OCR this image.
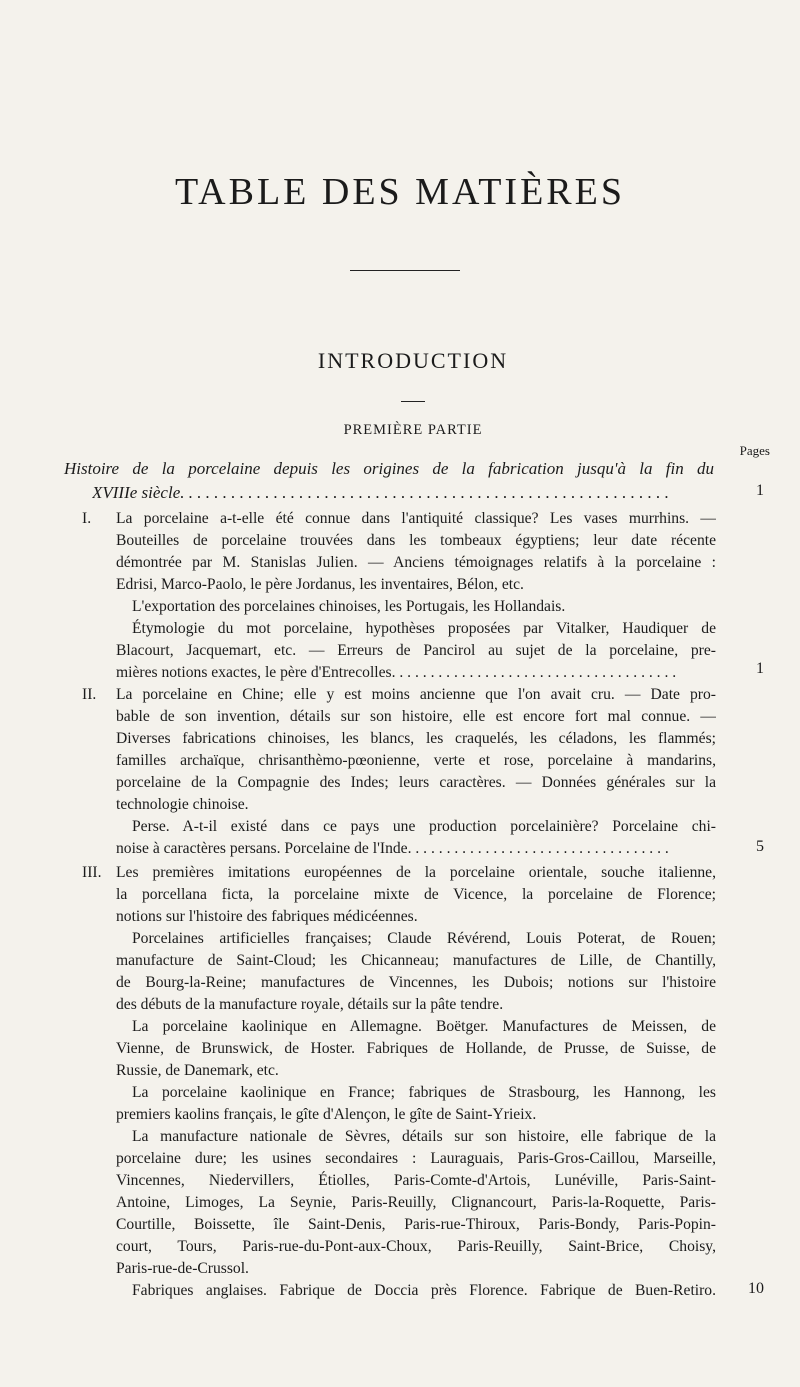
TABLE DES MATIÈRES
INTRODUCTION
PREMIÈRE PARTIE
Pages
Histoire de la porcelaine depuis les origines de la fabrication jusqu'à la fin du
XVIIIe siècle. . . . . . . . . . . . . . . . . . . . . . . . . . . . . . . . . . . . . . . . . . . . . . . . . . . . . . . . . .	1
I. La porcelaine a-t-elle été connue dans l'antiquité classique? Les vases murrhins. —
Bouteilles de porcelaine trouvées dans les tombeaux égyptiens; leur date récente
démontrée par M. Stanislas Julien. — Anciens témoignages relatifs à la porcelaine :
Edrisi, Marco-Paolo, le père Jordanus, les inventaires, Bélon, etc.
L'exportation des porcelaines chinoises, les Portugais, les Hollandais.
Étymologie du mot porcelaine, hypothèses proposées par Vitalker, Haudiquer de
Blacourt, Jacquemart, etc. — Erreurs de Pancirol au sujet de la porcelaine, pre-
mières notions exactes, le père d'Entrecolles. . . . . . . . . . . . . . . . . . . . . . . . . . . . . . . . . . . . .	1
II. La porcelaine en Chine; elle y est moins ancienne que l'on avait cru. — Date pro-
bable de son invention, détails sur son histoire, elle est encore fort mal connue. —
Diverses fabrications chinoises, les blancs, les craquelés, les céladons, les flammés;
familles archaïque, chrisanthèmo-pœonienne, verte et rose, porcelaine à mandarins,
porcelaine de la Compagnie des Indes; leurs caractères. — Données générales sur la
technologie chinoise.
Perse. A-t-il existé dans ce pays une production porcelainière? Porcelaine chi-
noise à caractères persans. Porcelaine de l'Inde. . . . . . . . . . . . . . . . . . . . . . . . . . . . . . . . . .	5
III. Les premières imitations européennes de la porcelaine orientale, souche italienne,
la porcellana ficta, la porcelaine mixte de Vicence, la porcelaine de Florence;
notions sur l'histoire des fabriques médicéennes.
Porcelaines artificielles françaises; Claude Révérend, Louis Poterat, de Rouen;
manufacture de Saint-Cloud; les Chicanneau; manufactures de Lille, de Chantilly,
de Bourg-la-Reine; manufactures de Vincennes, les Dubois; notions sur l'histoire
des débuts de la manufacture royale, détails sur la pâte tendre.
La porcelaine kaolinique en Allemagne. Boëtger. Manufactures de Meissen, de
Vienne, de Brunswick, de Hoster. Fabriques de Hollande, de Prusse, de Suisse, de
Russie, de Danemark, etc.
La porcelaine kaolinique en France; fabriques de Strasbourg, les Hannong, les
premiers kaolins français, le gîte d'Alençon, le gîte de Saint-Yrieix.
La manufacture nationale de Sèvres, détails sur son histoire, elle fabrique de la
porcelaine dure; les usines secondaires : Lauraguais, Paris-Gros-Caillou, Marseille,
Vincennes, Niedervillers, Étiolles, Paris-Comte-d'Artois, Lunéville, Paris-Saint-
Antoine, Limoges, La Seynie, Paris-Reuilly, Clignancourt, Paris-la-Roquette, Paris-
Courtille, Boissette, île Saint-Denis, Paris-rue-Thiroux, Paris-Bondy, Paris-Popin-
court, Tours, Paris-rue-du-Pont-aux-Choux, Paris-Reuilly, Saint-Brice, Choisy,
Paris-rue-de-Crussol.
Fabriques anglaises. Fabrique de Doccia près Florence. Fabrique de Buen-Retiro. 10
